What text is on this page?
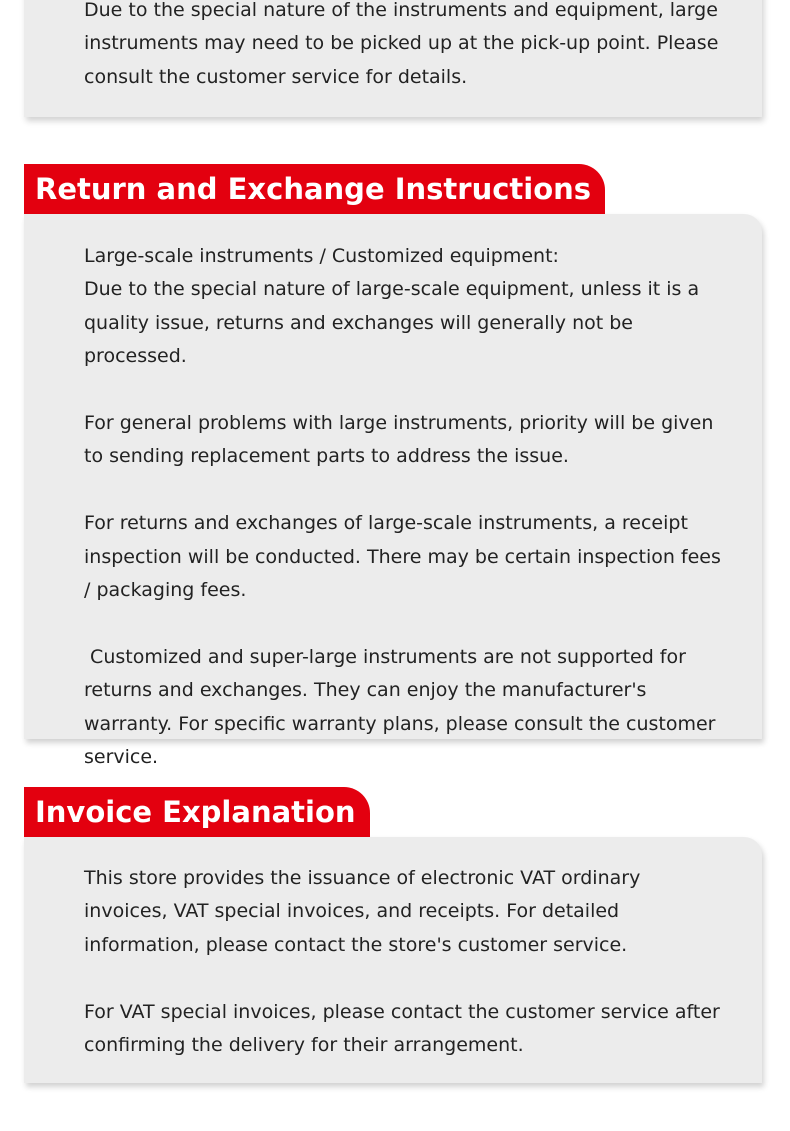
Due to the special nature of the instruments and equipment, large instruments may need to be picked up at the pick-up point. Please consult the customer service for details.

Return and Exchange Instructions

Large-scale instruments / Customized equipment:

Due to the special nature of large-scale equipment, unless it is a quality issue, returns and exchanges will generally not be processed.

For general problems with large instruments, priority will be given to sending replacement parts to address the issue.

For returns and exchanges of large-scale instruments, a receipt inspection will be conducted. There may be certain inspection fees / packaging fees.

Customized and super-large instruments are not supported for returns and exchanges. They can enjoy the manufacturer's warranty. For specific warranty plans, please consult the customer service.

Invoice Explanation

This store provides the issuance of electronic VAT ordinary invoices, VAT special invoices, and receipts. For detailed information, please contact the store's customer service.

For VAT special invoices, please contact the customer service after confirming the delivery for their arrangement.
